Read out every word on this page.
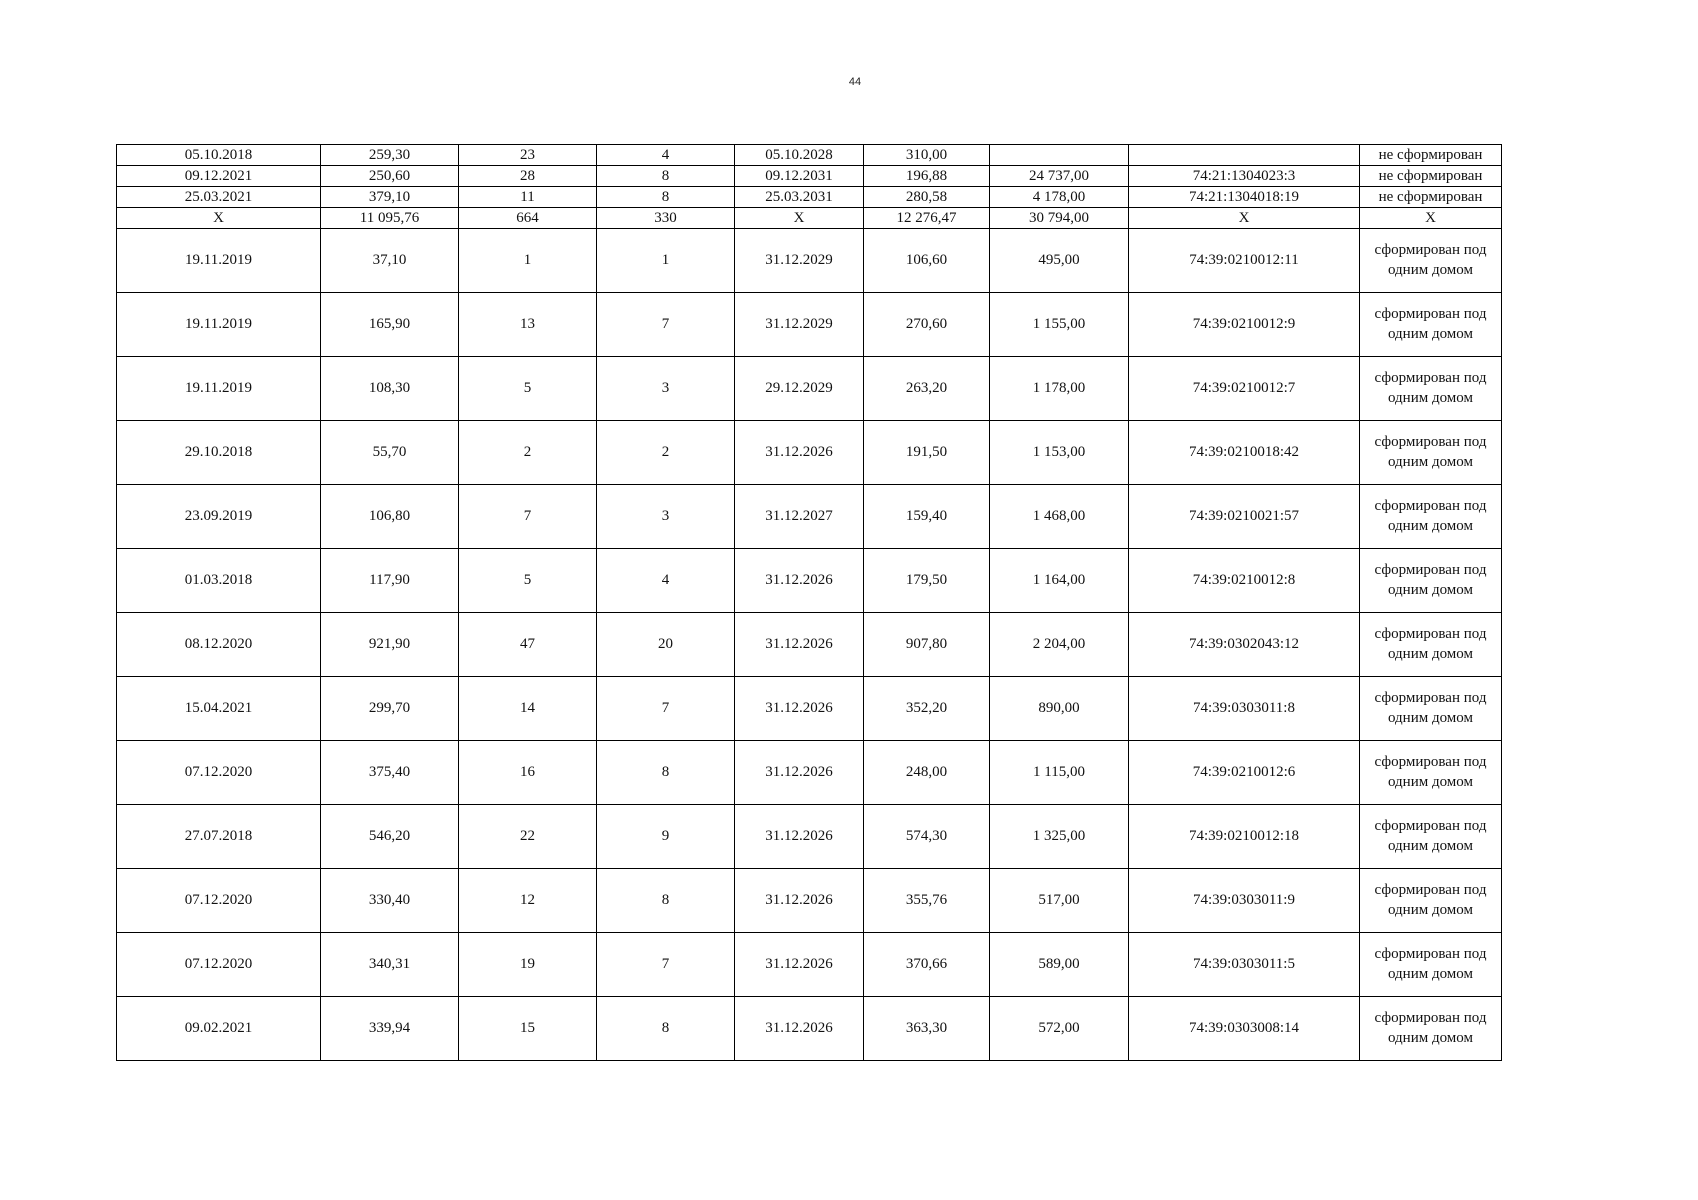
44
05.10.2018	259,30	23	4	05.10.2028	310,00			не сформирован
09.12.2021	250,60	28	8	09.12.2031	196,88	24 737,00	74:21:1304023:3	не сформирован
25.03.2021	379,10	11	8	25.03.2031	280,58	4 178,00	74:21:1304018:19	не сформирован
X	11 095,76	664	330	X	12 276,47	30 794,00	X	X
19.11.2019	37,10	1	1	31.12.2029	106,60	495,00	74:39:0210012:11	сформирован под одним домом
19.11.2019	165,90	13	7	31.12.2029	270,60	1 155,00	74:39:0210012:9	сформирован под одним домом
19.11.2019	108,30	5	3	29.12.2029	263,20	1 178,00	74:39:0210012:7	сформирован под одним домом
29.10.2018	55,70	2	2	31.12.2026	191,50	1 153,00	74:39:0210018:42	сформирован под одним домом
23.09.2019	106,80	7	3	31.12.2027	159,40	1 468,00	74:39:0210021:57	сформирован под одним домом
01.03.2018	117,90	5	4	31.12.2026	179,50	1 164,00	74:39:0210012:8	сформирован под одним домом
08.12.2020	921,90	47	20	31.12.2026	907,80	2 204,00	74:39:0302043:12	сформирован под одним домом
15.04.2021	299,70	14	7	31.12.2026	352,20	890,00	74:39:0303011:8	сформирован под одним домом
07.12.2020	375,40	16	8	31.12.2026	248,00	1 115,00	74:39:0210012:6	сформирован под одним домом
27.07.2018	546,20	22	9	31.12.2026	574,30	1 325,00	74:39:0210012:18	сформирован под одним домом
07.12.2020	330,40	12	8	31.12.2026	355,76	517,00	74:39:0303011:9	сформирован под одним домом
07.12.2020	340,31	19	7	31.12.2026	370,66	589,00	74:39:0303011:5	сформирован под одним домом
09.02.2021	339,94	15	8	31.12.2026	363,30	572,00	74:39:0303008:14	сформирован под одним домом
